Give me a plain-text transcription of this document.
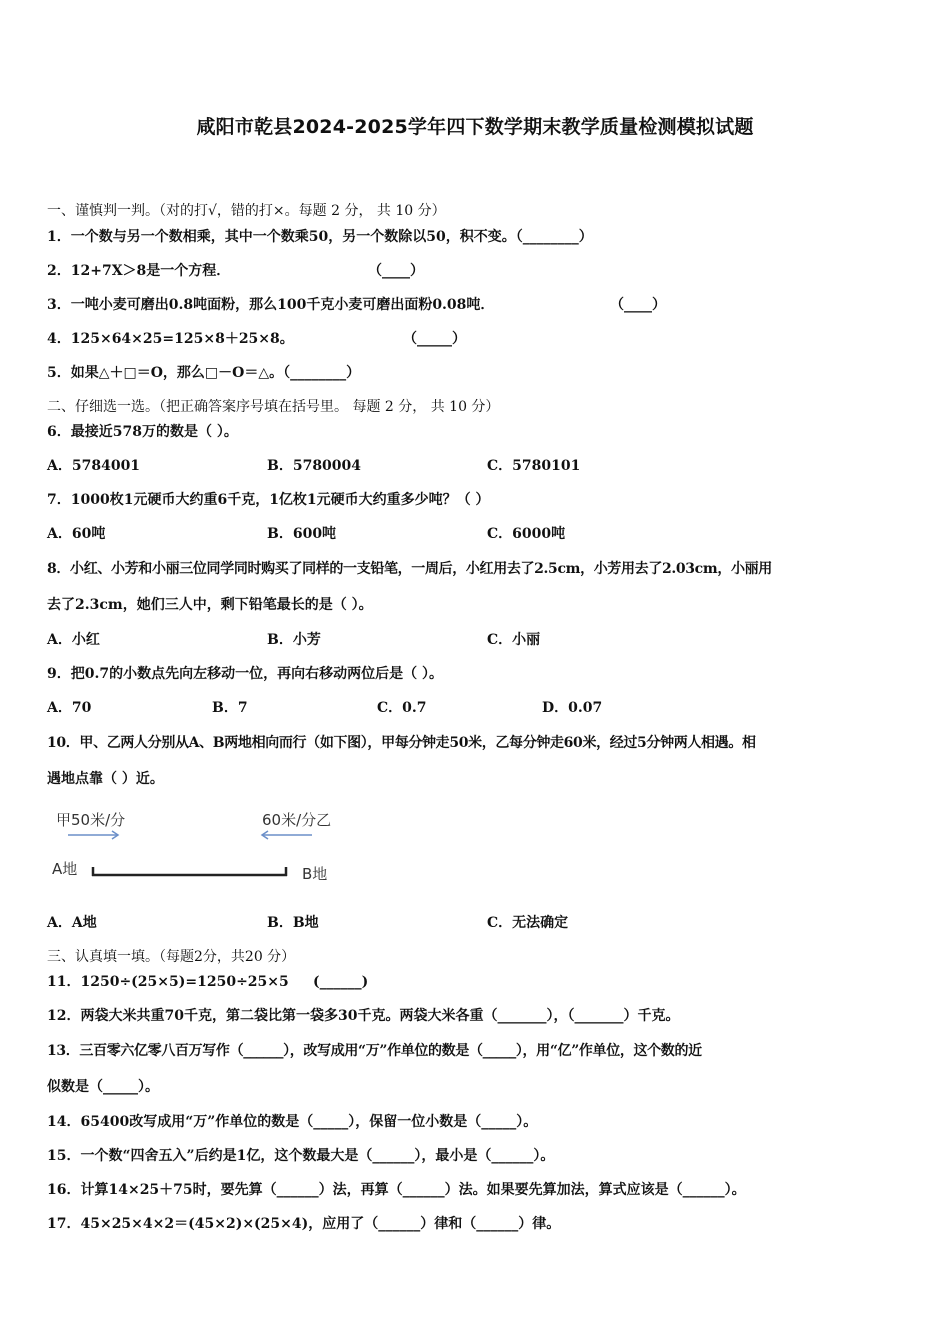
咸阳市乾县2024-2025学年四下数学期末教学质量检测模拟试题
一、谨慎判一判。（对的打√，错的打×。每题 2 分， 共 10 分）
1．一个数与另一个数相乘，其中一个数乘50，另一个数除以50，积不变。（________）
2．12+7X＞8是一个方程．	（____）
3．一吨小麦可磨出0.8吨面粉，那么100千克小麦可磨出面粉0.08吨．	（____）
4．125×64×25=125×8＋25×8。	（_____）
5．如果△＋□＝O，那么□－O＝△。（________）
二、仔细选一选。（把正确答案序号填在括号里。 每题 2 分， 共 10 分）
6．最接近578万的数是（ ）。
A．5784001	B．5780004	C．5780101
7．1000枚1元硬币大约重6千克，1亿枚1元硬币大约重多少吨？（ ）
A．60吨	B．600吨	C．6000吨
8．小红、小芳和小丽三位同学同时购买了同样的一支铅笔，一周后，小红用去了2.5cm，小芳用去了2.03cm，小丽用
去了2.3cm，她们三人中，剩下铅笔最长的是（ ）。
A．小红	B．小芳	C．小丽
9．把0.7的小数点先向左移动一位，再向右移动两位后是（ ）。
A．70	B．7	C．0.7	D．0.07
10．甲、乙两人分别从A、B两地相向而行（如下图），甲每分钟走50米，乙每分钟走60米，经过5分钟两人相遇。相
遇地点靠（ ）近。
甲50米/分	60米/分乙
A地	B地
A．A地	B．B地	C．无法确定
三、认真填一填。（每题2分，共20 分）
11．1250÷(25×5)=1250÷25×5 (______)
12．两袋大米共重70千克，第二袋比第一袋多30千克。两袋大米各重（_______），（_______）千克。
13．三百零六亿零八百万写作（______），改写成用“万”作单位的数是（_____），用“亿”作单位，这个数的近
似数是（_____）。
14．65400改写成用“万”作单位的数是（_____），保留一位小数是（_____）。
15．一个数“四舍五入”后约是1亿，这个数最大是（______），最小是（______）。
16．计算14×25＋75时，要先算（______）法，再算（______）法。如果要先算加法，算式应该是（______）。
17．45×25×4×2＝(45×2)×(25×4)，应用了（______）律和（______）律。
